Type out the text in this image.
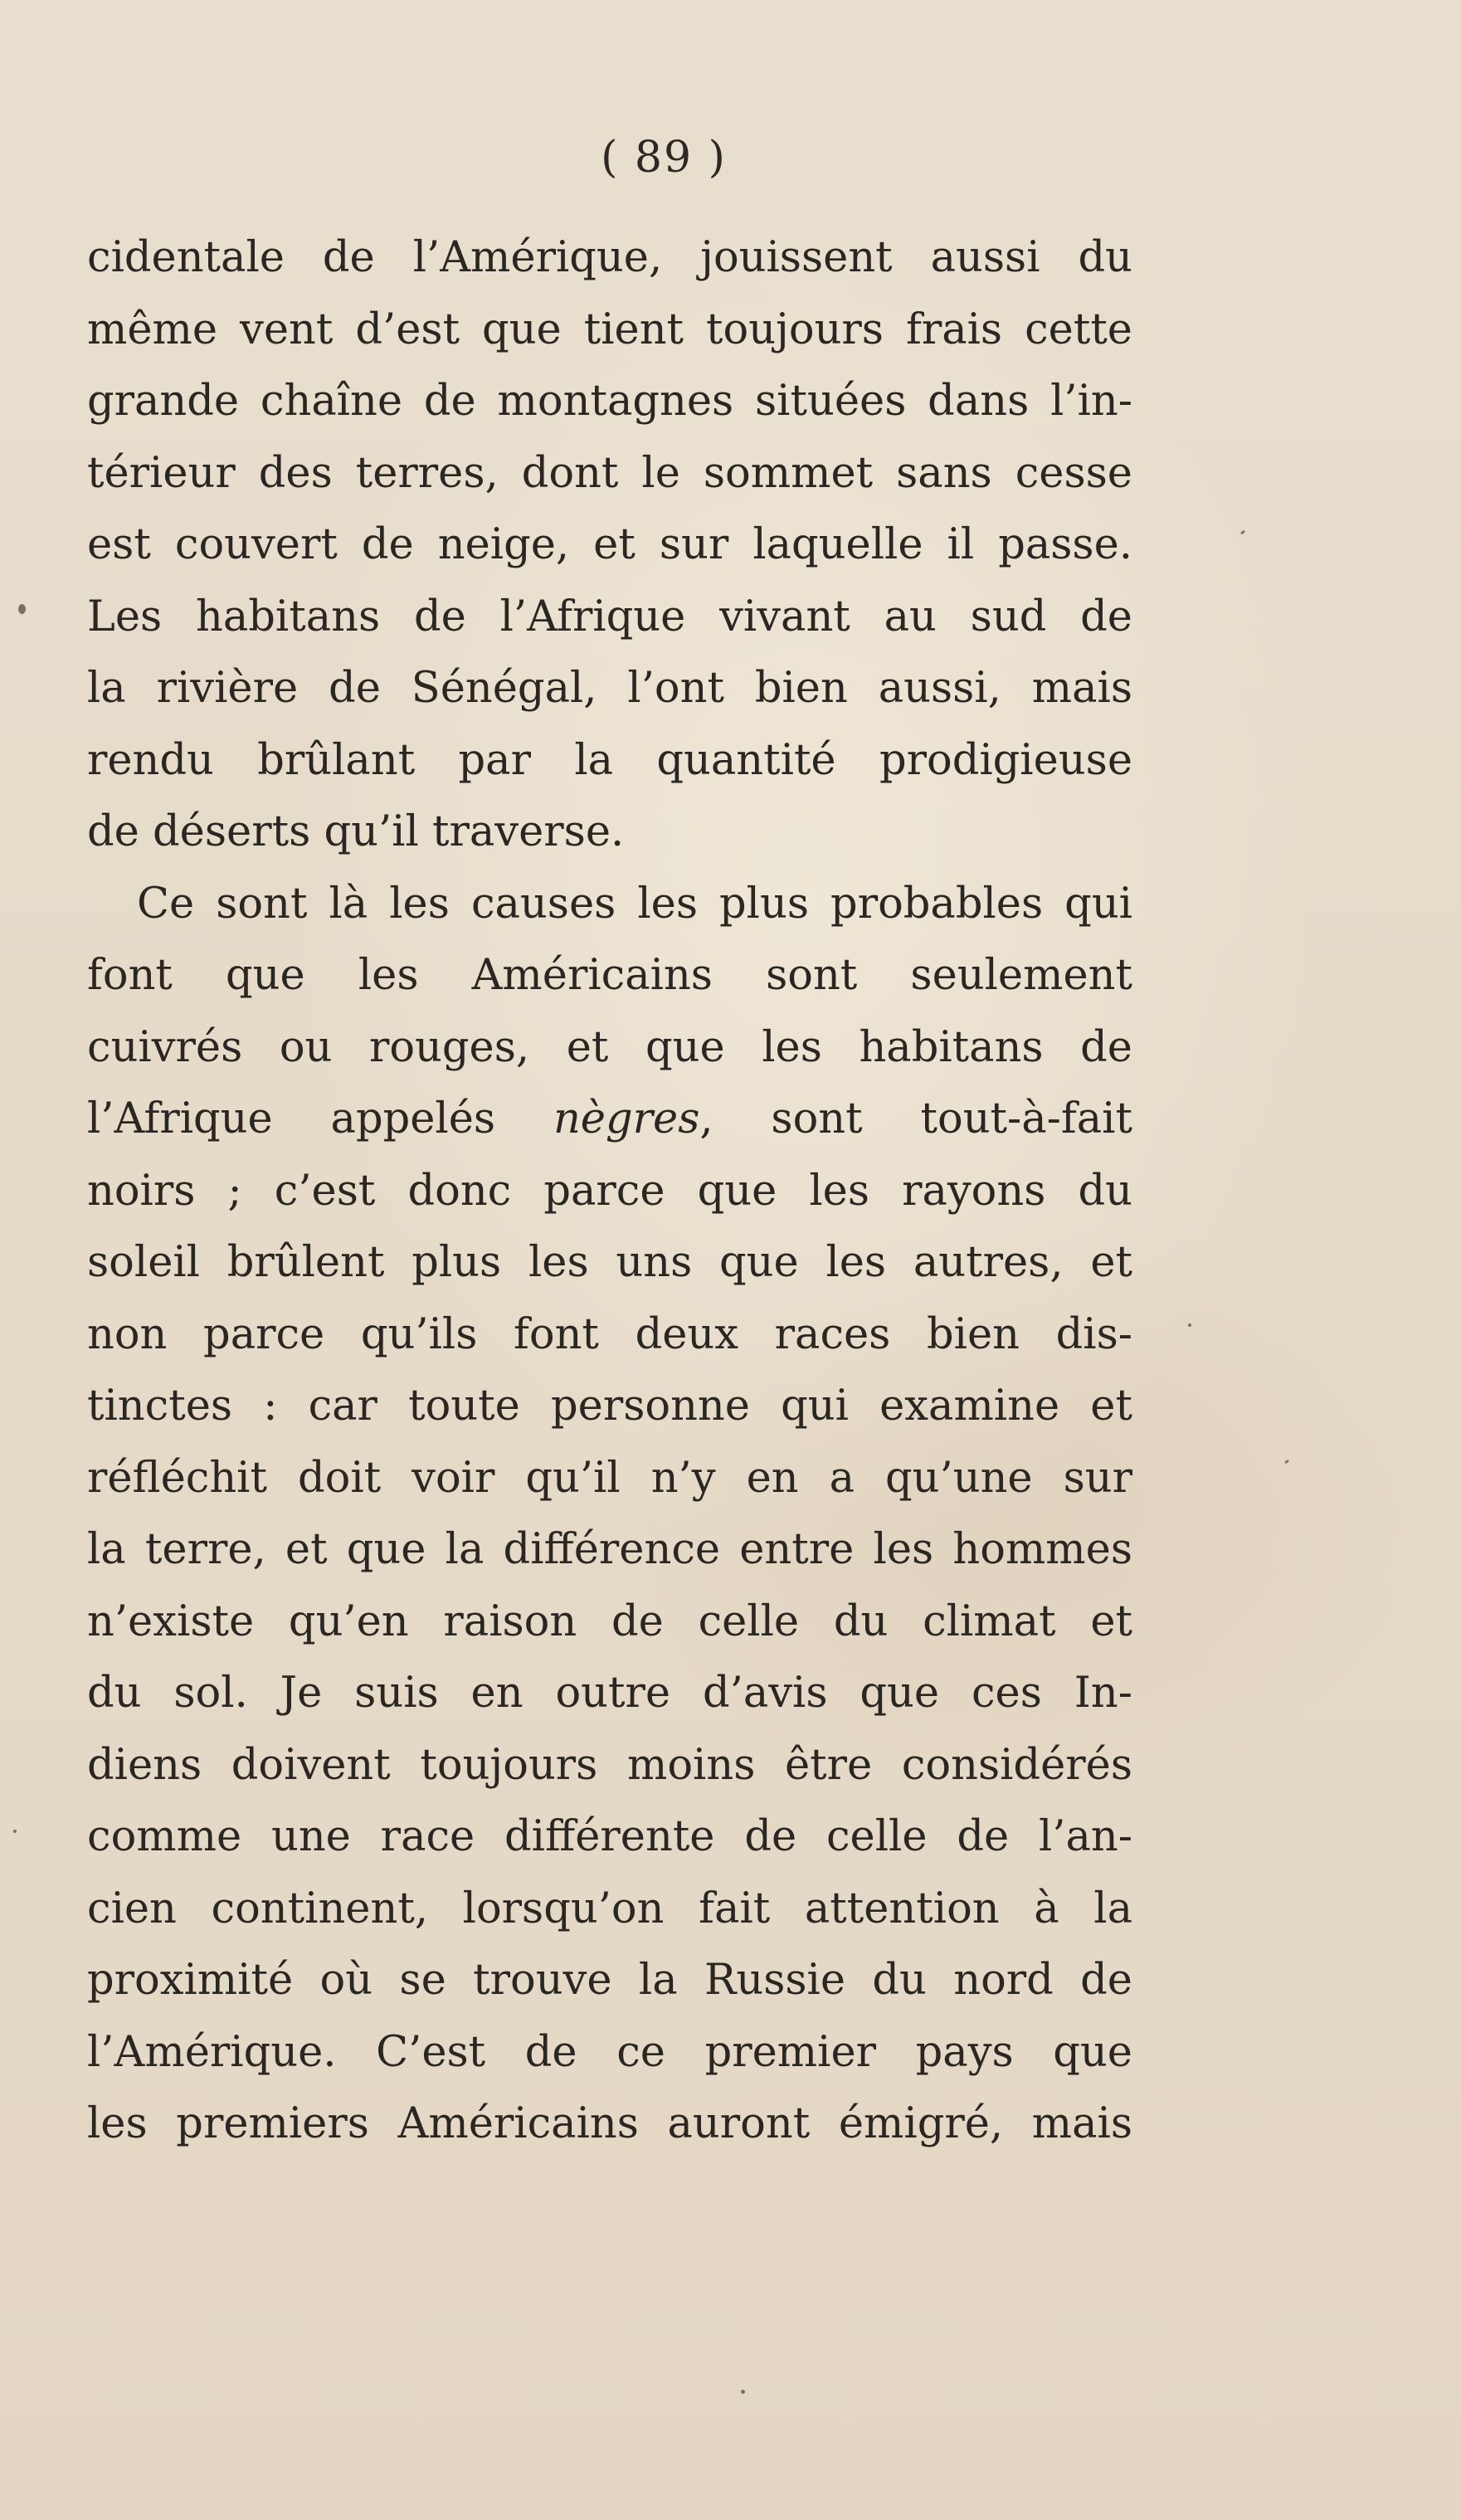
( 89 )
cidentale de l’Amérique, jouissent aussi du
même vent d’est que tient toujours frais cette
grande chaîne de montagnes situées dans l’in-
térieur des terres, dont le sommet sans cesse
est couvert de neige, et sur laquelle il passe.
Les habitans de l’Afrique vivant au sud de
la rivière de Sénégal, l’ont bien aussi, mais
rendu brûlant par la quantité prodigieuse
de déserts qu’il traverse.
Ce sont là les causes les plus probables qui
font que les Américains sont seulement
cuivrés ou rouges, et que les habitans de
l’Afrique appelés nègres, sont tout-à-fait
noirs ; c’est donc parce que les rayons du
soleil brûlent plus les uns que les autres, et
non parce qu’ils font deux races bien dis-
tinctes : car toute personne qui examine et
réfléchit doit voir qu’il n’y en a qu’une sur
la terre, et que la différence entre les hommes
n’existe qu’en raison de celle du climat et
du sol. Je suis en outre d’avis que ces In-
diens doivent toujours moins être considérés
comme une race différente de celle de l’an-
cien continent, lorsqu’on fait attention à la
proximité où se trouve la Russie du nord de
l’Amérique. C’est de ce premier pays que
les premiers Américains auront émigré, mais
